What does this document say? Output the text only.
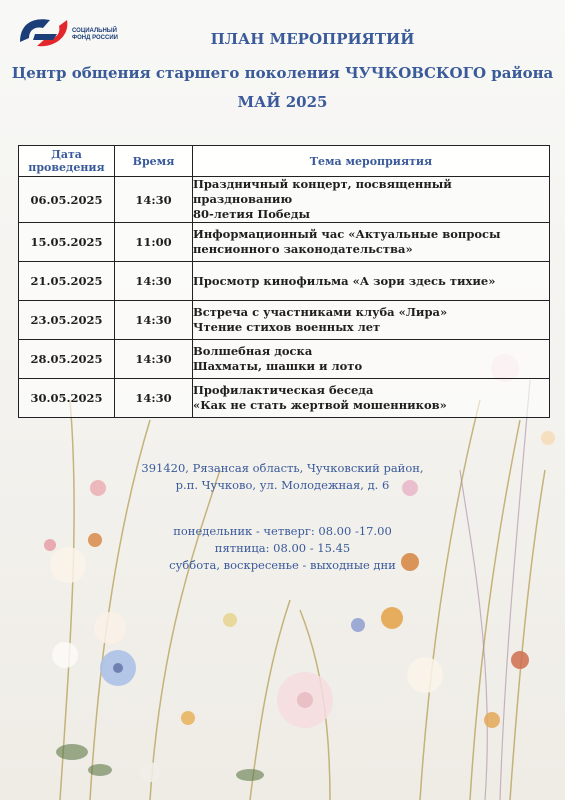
СОЦИАЛЬНЫЙ
ФОНД РОССИИ	ПЛАН МЕРОПРИЯТИЙ
Центр общения старшего поколения ЧУЧКОВСКОГО района
МАЙ 2025
Дата проведения	Время	Тема мероприятия
06.05.2025	14:30	Праздничный концерт, посвященный празднованию
80-летия Победы

15.05.2025	11:00	Информационный час «Актуальные вопросы
пенсионного законодательства»

21.05.2025	14:30	Просмотр кинофильма «А зори здесь тихие»

23.05.2025	14:30	Встреча с участниками клуба «Лира»
Чтение стихов военных лет

28.05.2025	14:30	Волшебная доска
Шахматы, шашки и лото

30.05.2025	14:30	Профилактическая беседа
«Как не стать жертвой мошенников»
391420, Рязансая область, Чучковский район,
р.п. Чучково, ул. Молодежная, д. 6
понедельник - четверг: 08.00 -17.00
пятница: 08.00 - 15.45
суббота, воскресенье - выходные дни
